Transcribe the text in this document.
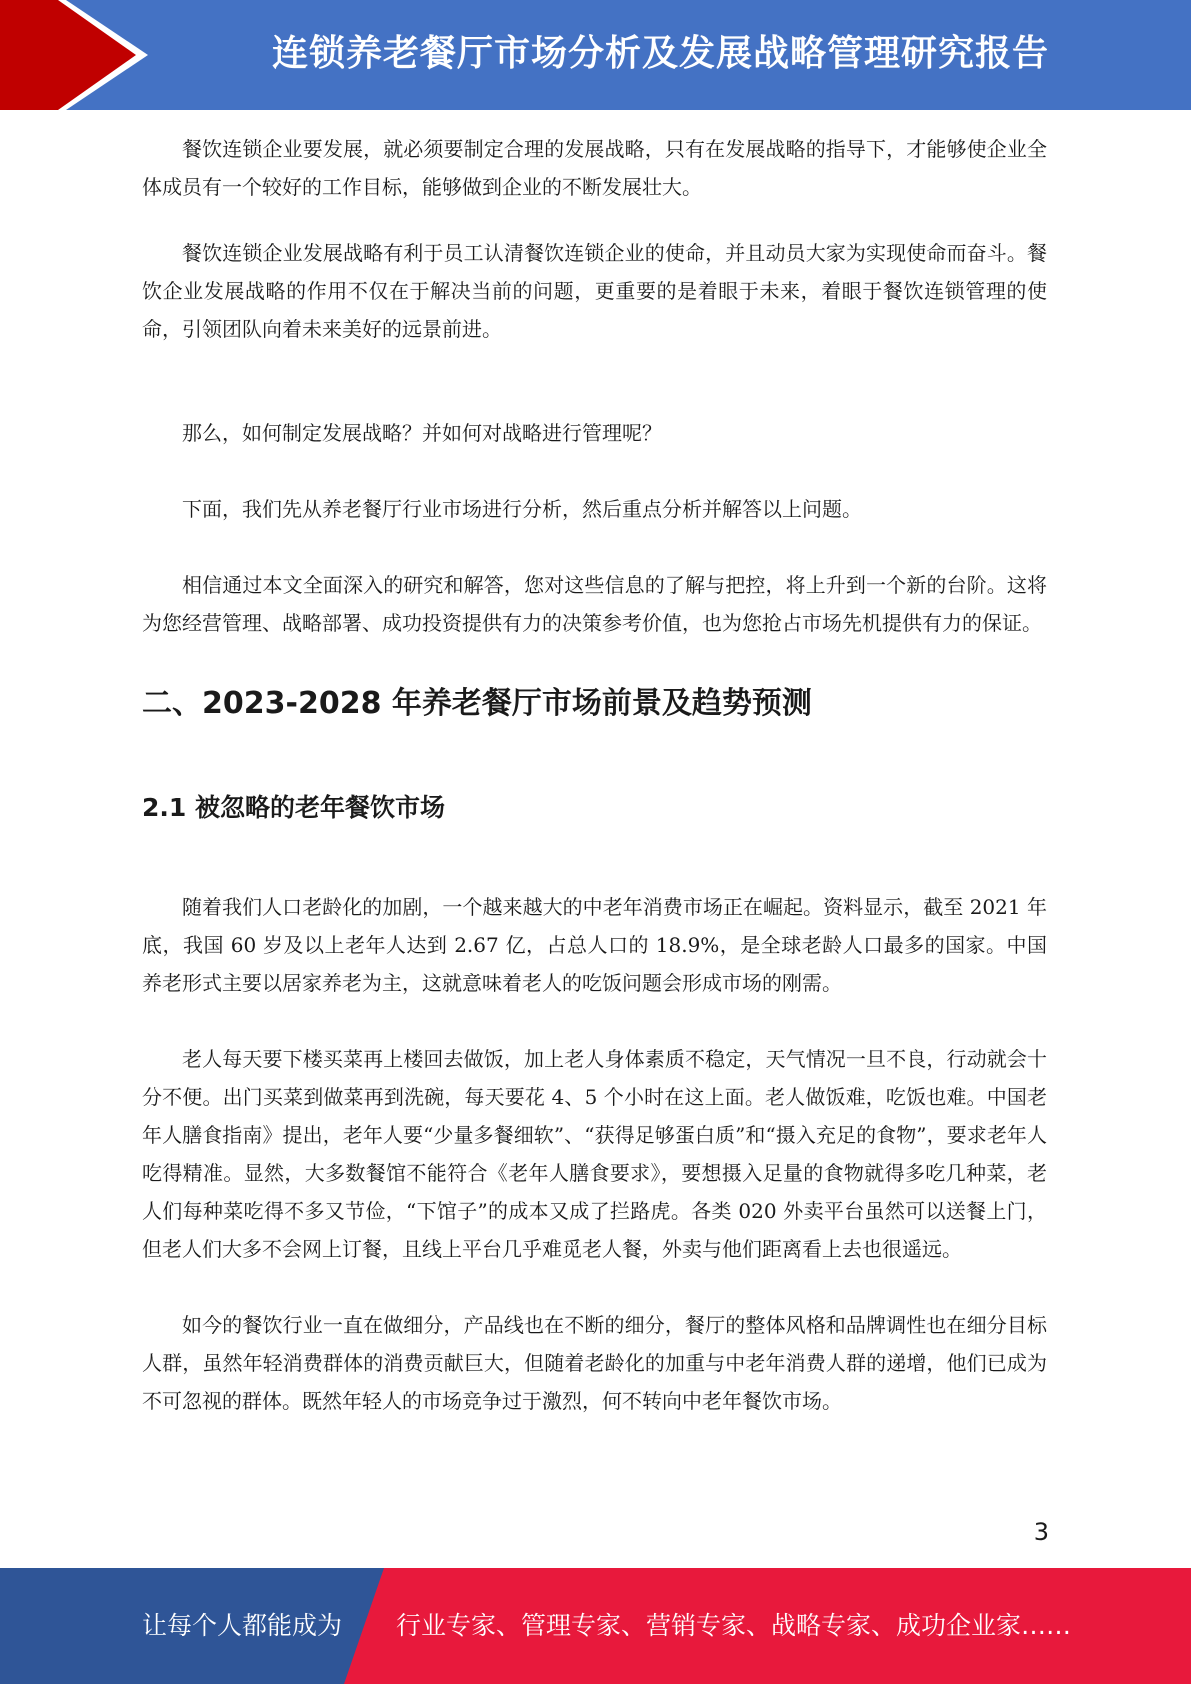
连锁养老餐厅市场分析及发展战略管理研究报告

餐饮连锁企业要发展，就必须要制定合理的发展战略，只有在发展战略的指导下，才能够使企业全体成员有一个较好的工作目标，能够做到企业的不断发展壮大。

餐饮连锁企业发展战略有利于员工认清餐饮连锁企业的使命，并且动员大家为实现使命而奋斗。餐饮企业发展战略的作用不仅在于解决当前的问题，更重要的是着眼于未来，着眼于餐饮连锁管理的使命，引领团队向着未来美好的远景前进。

那么，如何制定发展战略？并如何对战略进行管理呢？

下面，我们先从养老餐厅行业市场进行分析，然后重点分析并解答以上问题。

相信通过本文全面深入的研究和解答，您对这些信息的了解与把控，将上升到一个新的台阶。这将为您经营管理、战略部署、成功投资提供有力的决策参考价值，也为您抢占市场先机提供有力的保证。

二、2023-2028 年养老餐厅市场前景及趋势预测
2.1 被忽略的老年餐饮市场

随着我们人口老龄化的加剧，一个越来越大的中老年消费市场正在崛起。资料显示，截至 2021 年底，我国 60 岁及以上老年人达到 2.67 亿，占总人口的 18.9%，是全球老龄人口最多的国家。中国养老形式主要以居家养老为主，这就意味着老人的吃饭问题会形成市场的刚需。

老人每天要下楼买菜再上楼回去做饭，加上老人身体素质不稳定，天气情况一旦不良，行动就会十分不便。出门买菜到做菜再到洗碗，每天要花 4、5 个小时在这上面。老人做饭难，吃饭也难。中国老年人膳食指南》提出，老年人要“少量多餐细软”、“获得足够蛋白质”和“摄入充足的食物”，要求老年人吃得精准。显然，大多数餐馆不能符合《老年人膳食要求》，要想摄入足量的食物就得多吃几种菜，老人们每种菜吃得不多又节俭，“下馆子”的成本又成了拦路虎。各类 020 外卖平台虽然可以送餐上门，但老人们大多不会网上订餐，且线上平台几乎难觅老人餐，外卖与他们距离看上去也很遥远。

如今的餐饮行业一直在做细分，产品线也在不断的细分，餐厅的整体风格和品牌调性也在细分目标人群，虽然年轻消费群体的消费贡献巨大，但随着老龄化的加重与中老年消费人群的递增，他们已成为不可忽视的群体。既然年轻人的市场竞争过于激烈，何不转向中老年餐饮市场。

3
让每个人都能成为 行业专家、管理专家、营销专家、战略专家、成功企业家……
